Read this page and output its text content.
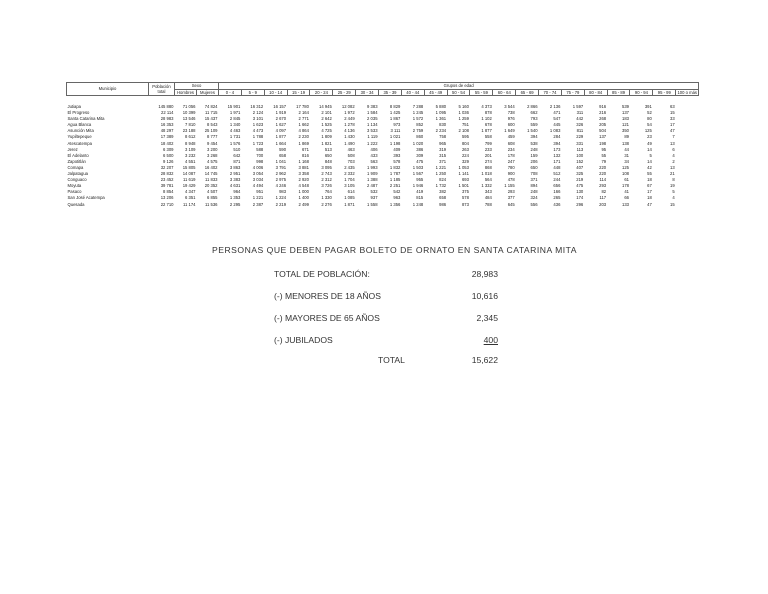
Municipio	Población total	Sexo		Grupos de edad																				
		Hombres	Mujeres	0 - 4	5 - 9	10 - 14	15 - 19	20 - 24	25 - 29	30 - 34	35 - 39	40 - 44	45 - 49	50 - 54	55 - 59	60 - 64	65 - 69	70 - 74	75 - 79	80 - 84	85 - 89	90 - 94	95 - 99	100 o más

Jutiapa	145 880	71 056	74 824	15 901	16 312	16 157	17 780	14 945	12 082	9 383	8 829	7 288	5 880	5 160	4 373	3 544	2 866	2 136	1 597	916	539	391	63	
El Progreso	22 114	10 399	11 715	1 971	2 124	1 919	2 164	2 101	1 972	1 584	1 425	1 245	1 095	1 036	878	738	662	471	311	216	137	52	15	
Santa Catarina Mita	28 983	13 546	15 437	2 845	3 101	2 670	2 771	2 642	2 449	2 035	1 867	1 572	1 361	1 259	1 102	976	793	547	442	268	183	80	33	
Agua Blanca	16 353	7 810	8 543	1 340	1 623	1 627	1 662	1 525	1 278	1 134	973	852	830	751	678	600	559	445	326	205	121	54	17	
Asunción Mita	48 297	23 188	25 109	4 463	4 473	4 097	4 864	4 725	4 136	3 533	3 111	2 759	2 234	2 108	1 877	1 649	1 540	1 083	811	504	350	125	47	
Yupiltepeque	17 389	8 612	8 777	1 731	1 788	1 877	2 230	1 809	1 430	1 119	1 021	860	758	595	558	459	394	284	229	137	89	23	7	
Atescatempa	18 402	8 948	9 454	1 576	1 723	1 664	1 869	1 821	1 490	1 222	1 198	1 020	965	804	799	608	538	394	331	198	138	49	13	
Jerez	6 309	3 109	3 200	510	588	590	671	513	463	406	409	386	319	263	233	234	248	173	113	95	44	14	6	
El Adelanto	6 500	3 232	3 268	642	700	658	816	650	508	433	393	309	315	224	201	178	159	132	100	55	31	5	4	
Zapotitlán	9 126	4 551	4 575	871	998	1 041	1 168	848	703	563	578	475	371	329	274	247	206	171	152	79	34	14	2	
Comapa	32 207	15 805	16 402	3 863	4 006	3 791	3 881	3 095	2 435	1 993	1 832	1 503	1 221	1 053	868	780	650	448	407	220	125	42	13	
Jalpatagua	28 832	14 087	14 745	2 951	3 054	2 962	3 358	2 743	2 332	1 909	1 787	1 567	1 250	1 141	1 018	900	708	512	325	220	108	55	21	
Conguaco	23 452	11 619	11 833	3 383	3 034	2 975	2 920	2 312	1 704	1 388	1 185	955	824	693	564	478	371	244	219	114	61	18	8	
Moyuta	39 781	19 429	20 352	4 631	4 494	4 246	4 548	3 726	3 105	2 487	2 251	1 946	1 732	1 501	1 332	1 155	894	656	475	293	178	67	19	
Pasaco	8 854	4 347	4 507	964	951	983	1 000	764	614	532	542	419	382	375	343	293	248	166	130	82	41	17	5	
San José Acatempa	13 206	6 351	6 855	1 353	1 221	1 224	1 400	1 330	1 085	937	963	815	658	578	484	377	324	265	174	117	66	18	4	
Quesada	22 710	11 174	11 536	2 295	2 387	2 219	2 499	2 276	1 871	1 558	1 356	1 248	986	873	788	645	556	436	296	203	133	47	15	
PERSONAS QUE DEBEN PAGAR BOLETO DE ORNATO EN SANTA CATARINA MITA
TOTAL DE POBLACIÓN:	28,983
(-) MENORES DE 18 AÑOS	10,616
(-) MAYORES DE 65 AÑOS	2,345
(-) JUBILADOS	400
TOTAL	15,622
